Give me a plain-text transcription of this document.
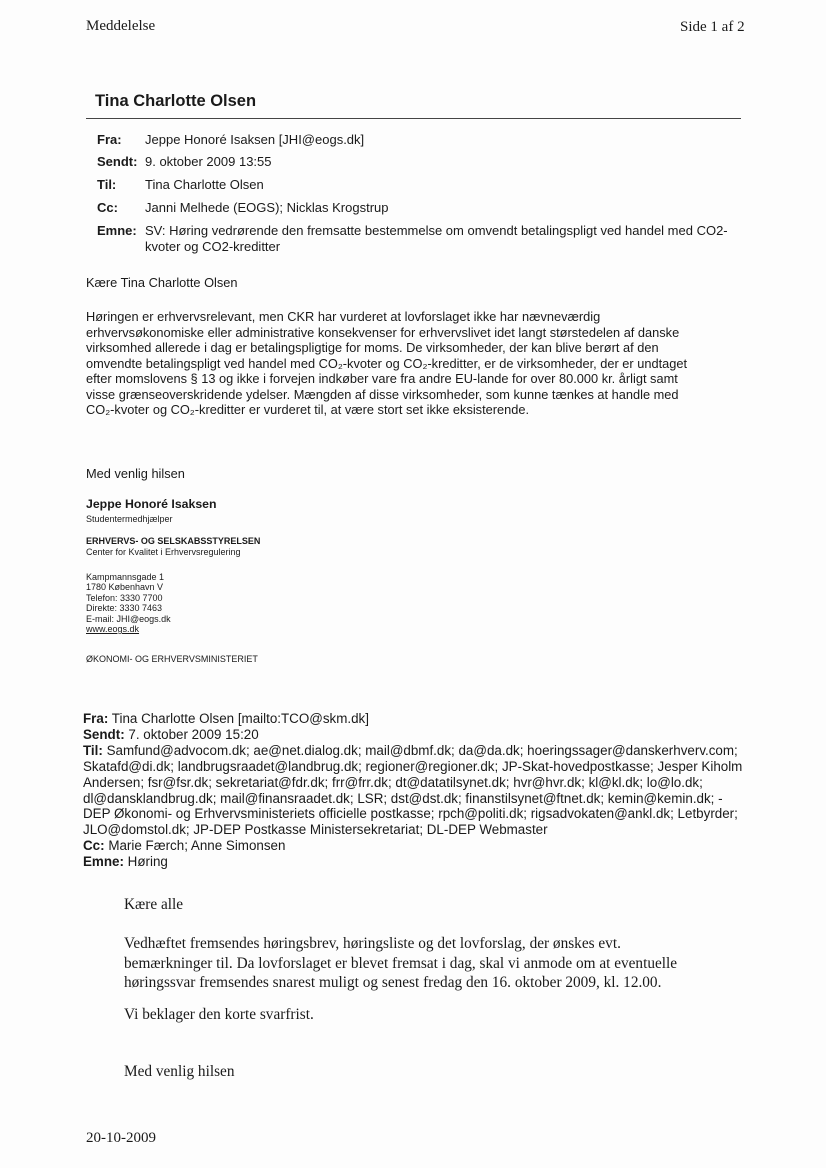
Meddelelse	Side 1 af 2
Tina Charlotte Olsen
Fra: Jeppe Honoré Isaksen [JHI@eogs.dk]
Sendt: 9. oktober 2009 13:55
Til: Tina Charlotte Olsen
Cc: Janni Melhede (EOGS); Nicklas Krogstrup
Emne: SV: Høring vedrørende den fremsatte bestemmelse om omvendt betalingspligt ved handel med CO2-kvoter og CO2-kreditter
Kære Tina Charlotte Olsen
Høringen er erhvervsrelevant, men CKR har vurderet at lovforslaget ikke har nævneværdig
erhvervsøkonomiske eller administrative konsekvenser for erhvervslivet idet langt størstedelen af danske
virksomhed allerede i dag er betalingspligtige for moms. De virksomheder, der kan blive berørt af den
omvendte betalingspligt ved handel med CO₂-kvoter og CO₂-kreditter, er de virksomheder, der er undtaget
efter momslovens § 13 og ikke i forvejen indkøber vare fra andre EU-lande for over 80.000 kr. årligt samt
visse grænseoverskridende ydelser. Mængden af disse virksomheder, som kunne tænkes at handle med
CO₂-kvoter og CO₂-kreditter er vurderet til, at være stort set ikke eksisterende.
Med venlig hilsen
Jeppe Honoré Isaksen
Studentermedhjælper
ERHVERVS- OG SELSKABSSTYRELSEN
Center for Kvalitet i Erhvervsregulering
Kampmannsgade 1
1780 København V
Telefon: 3330 7700
Direkte: 3330 7463
E-mail: JHI@eogs.dk
www.eogs.dk
ØKONOMI- OG ERHVERVSMINISTERIET
Fra: Tina Charlotte Olsen [mailto:TCO@skm.dk]
Sendt: 7. oktober 2009 15:20
Til: Samfund@advocom.dk; ae@net.dialog.dk; mail@dbmf.dk; da@da.dk; hoeringssager@danskerhverv.com;
Skatafd@di.dk; landbrugsraadet@landbrug.dk; regioner@regioner.dk; JP-Skat-hovedpostkasse; Jesper Kiholm
Andersen; fsr@fsr.dk; sekretariat@fdr.dk; frr@frr.dk; dt@datatilsynet.dk; hvr@hvr.dk; kl@kl.dk; lo@lo.dk;
dl@dansklandbrug.dk; mail@finansraadet.dk; LSR; dst@dst.dk; finanstilsynet@ftnet.dk; kemin@kemin.dk; -
DEP Økonomi- og Erhvervsministeriets officielle postkasse; rpch@politi.dk; rigsadvokaten@ankl.dk; Letbyrder;
JLO@domstol.dk; JP-DEP Postkasse Ministersekretariat; DL-DEP Webmaster
Cc: Marie Færch; Anne Simonsen
Emne: Høring
Kære alle
Vedhæftet fremsendes høringsbrev, høringsliste og det lovforslag, der ønskes evt.
bemærkninger til. Da lovforslaget er blevet fremsat i dag, skal vi anmode om at eventuelle
høringssvar fremsendes snarest muligt og senest fredag den 16. oktober 2009, kl. 12.00.
Vi beklager den korte svarfrist.
Med venlig hilsen
20-10-2009
